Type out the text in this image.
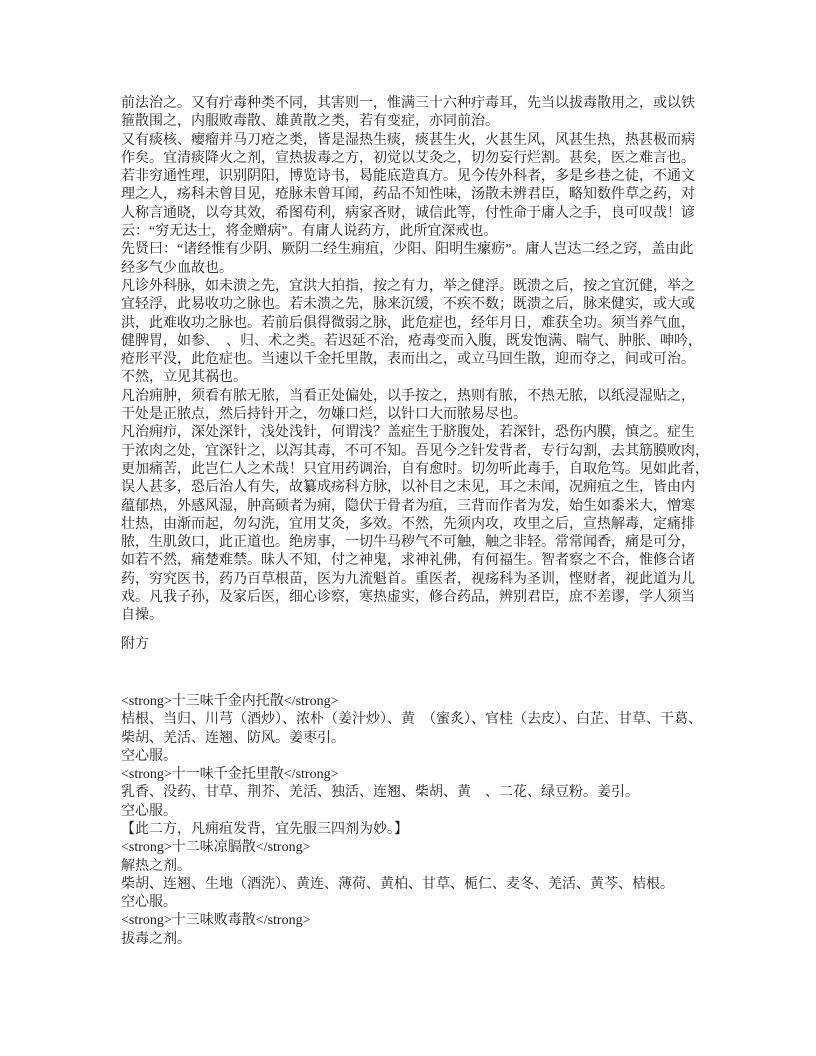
前法治之。又有疔毒种类不同，其害则一，惟满三十六种疔毒耳，先当以拔毒散用之，或以铁
箍散围之，内服败毒散、雄黄散之类，若有变症，亦同前治。
又有痰核、瘿瘤并马刀疮之类，皆是湿热生痰，痰甚生火，火甚生风，风甚生热，热甚极而病
作矣。宜清痰降火之剂，宣热拔毒之方，初觉以艾灸之，切勿妄行烂割。甚矣，医之难言也。
若非穷通性理，识别阴阳，博览诗书，曷能底造真方。见今传外科者，多是乡巷之徒，不通文
理之人，疡科未曾目见，疮脉未曾耳闻，药品不知性味，汤散未辨君臣，略知数件草之药，对
人称言通晓，以夸其效，希图苟利，病家吝财，诚信此等，付性命于庸人之手，良可叹哉！谚
云：“穷无达士，将金赠病”。有庸人说药方，此所宜深戒也。
先贤曰：“诸经惟有少阴、厥阴二经生痈疽，少阳、阳明生瘰疬”。庸人岂达二经之窍，盖由此
经多气少血故也。
凡诊外科脉，如未溃之先，宜洪大拍指，按之有力，举之健浮。既溃之后，按之宜沉健，举之
宜轻浮，此易收功之脉也。若未溃之先，脉来沉缓，不疾不数；既溃之后，脉来健实，或大或
洪，此难收功之脉也。若前后俱得微弱之脉，此危症也，经年月日，难获全功。须当养气血，
健脾胃，如参、　、归、术之类。若迟延不治，疮毒变而入腹，既发饱满、喘气、肿胀、呻吟，
疮形平没，此危症也。当速以千金托里散，表而出之，或立马回生散，迎而夺之，间或可治。
不然，立见其祸也。
凡治痈肿，须看有脓无脓，当看正处偏处，以手按之，热则有脓，不热无脓，以纸浸湿贴之，
干处是正脓点，然后持针开之，勿嫌口烂，以针口大而脓易尽也。
凡治痈疖，深处深针，浅处浅针，何谓浅？盖症生于脐腹处，若深针，恐伤内膜，慎之。症生
于浓肉之处，宜深针之，以泻其毒，不可不知。吾见今之针发背者，专行勾割，去其筋膜败肉，
更加痛苦，此岂仁人之术哉！只宜用药调治，自有愈时。切勿听此毒手，自取危笃。见如此者，
误人甚多，恐后治人有失，故纂成疡科方脉，以补目之未见，耳之未闻，况痈疽之生，皆由内
蕴郁热，外感风湿，肿高硕者为痈，隐伏于骨者为疽，三背而作者为发，始生如黍米大，憎寒
壮热，由渐而起，勿勾洗，宜用艾灸，多效。不然，先须内攻，攻里之后，宣热解毒，定痛排
脓，生肌敛口，此正道也。绝房事，一切牛马秽气不可触，触之非轻。常常闻香，痛是可分，
如若不然，痛楚难禁。昧人不知，付之神鬼，求神礼佛，有何福生。智者察之不合，惟修合诸
药，穷究医书，药乃百草根苗，医为九流魁首。重医者，视疡科为圣训，悭财者，视此道为儿
戏。凡我子孙，及家后医，细心诊察，寒热虚实，修合药品，辨别君臣，庶不差谬，学人须当
自操。
附方
<strong>十三味千金内托散</strong>
桔根、当归、川芎（酒炒）、浓朴（姜汁炒）、黄　（蜜炙）、官桂（去皮）、白芷、甘草、干葛、
柴胡、羌活、连翘、防风。姜枣引。
空心服。
<strong>十一味千金托里散</strong>
乳香、没药、甘草、荆芥、羌活、独活、连翘、柴胡、黄　、二花、绿豆粉。姜引。
空心服。
【此二方，凡痈疽发背，宜先服三四剂为妙。】
<strong>十二味凉膈散</strong>
解热之剂。
柴胡、连翘、生地（酒洗）、黄连、薄荷、黄柏、甘草、栀仁、麦冬、羌活、黄芩、桔根。
空心服。
<strong>十三味败毒散</strong>
拔毒之剂。
